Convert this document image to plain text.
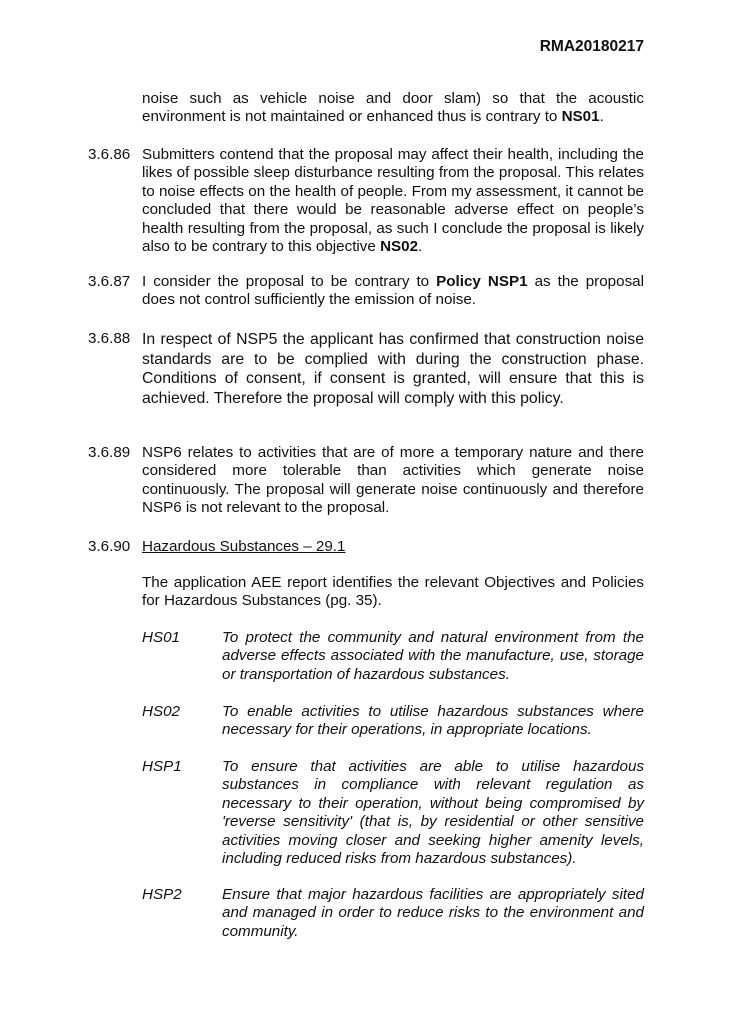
RMA20180217
noise such as vehicle noise and door slam) so that the acoustic environment is not maintained or enhanced thus is contrary to NS01.
3.6.86 Submitters contend that the proposal may affect their health, including the likes of possible sleep disturbance resulting from the proposal. This relates to noise effects on the health of people. From my assessment, it cannot be concluded that there would be reasonable adverse effect on people’s health resulting from the proposal, as such I conclude the proposal is likely also to be contrary to this objective NS02.
3.6.87 I consider the proposal to be contrary to Policy NSP1 as the proposal does not control sufficiently the emission of noise.
3.6.88 In respect of NSP5 the applicant has confirmed that construction noise standards are to be complied with during the construction phase. Conditions of consent, if consent is granted, will ensure that this is achieved. Therefore the proposal will comply with this policy.
3.6.89 NSP6 relates to activities that are of more a temporary nature and there considered more tolerable than activities which generate noise continuously. The proposal will generate noise continuously and therefore NSP6 is not relevant to the proposal.
3.6.90 Hazardous Substances – 29.1
The application AEE report identifies the relevant Objectives and Policies for Hazardous Substances (pg. 35).
HS01	To protect the community and natural environment from the adverse effects associated with the manufacture, use, storage or transportation of hazardous substances.
HS02	To enable activities to utilise hazardous substances where necessary for their operations, in appropriate locations.
HSP1	To ensure that activities are able to utilise hazardous substances in compliance with relevant regulation as necessary to their operation, without being compromised by 'reverse sensitivity' (that is, by residential or other sensitive activities moving closer and seeking higher amenity levels, including reduced risks from hazardous substances).
HSP2	Ensure that major hazardous facilities are appropriately sited and managed in order to reduce risks to the environment and community.
